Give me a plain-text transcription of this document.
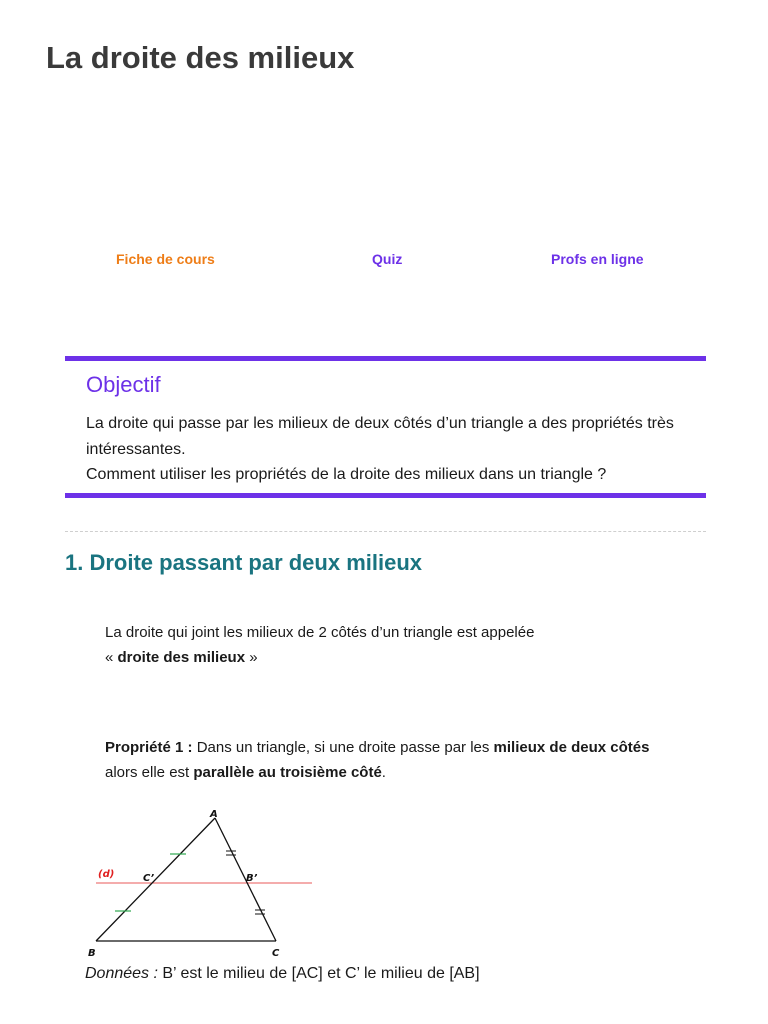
La droite des milieux
Fiche de cours	Quiz	Profs en ligne
Objectif

La droite qui passe par les milieux de deux côtés d’un triangle a des propriétés très intéressantes.

Comment utiliser les propriétés de la droite des milieux dans un triangle ?

1. Droite passant par deux milieux

La droite qui joint les milieux de 2 côtés d’un triangle est appelée
« droite des milieux »

Propriété 1 : Dans un triangle, si une droite passe par les milieux de deux côtés alors elle est parallèle au troisième côté.

(d)
A
B	C
C’	B’

Données : B’ est le milieu de [AC] et C’ le milieu de [AB]
